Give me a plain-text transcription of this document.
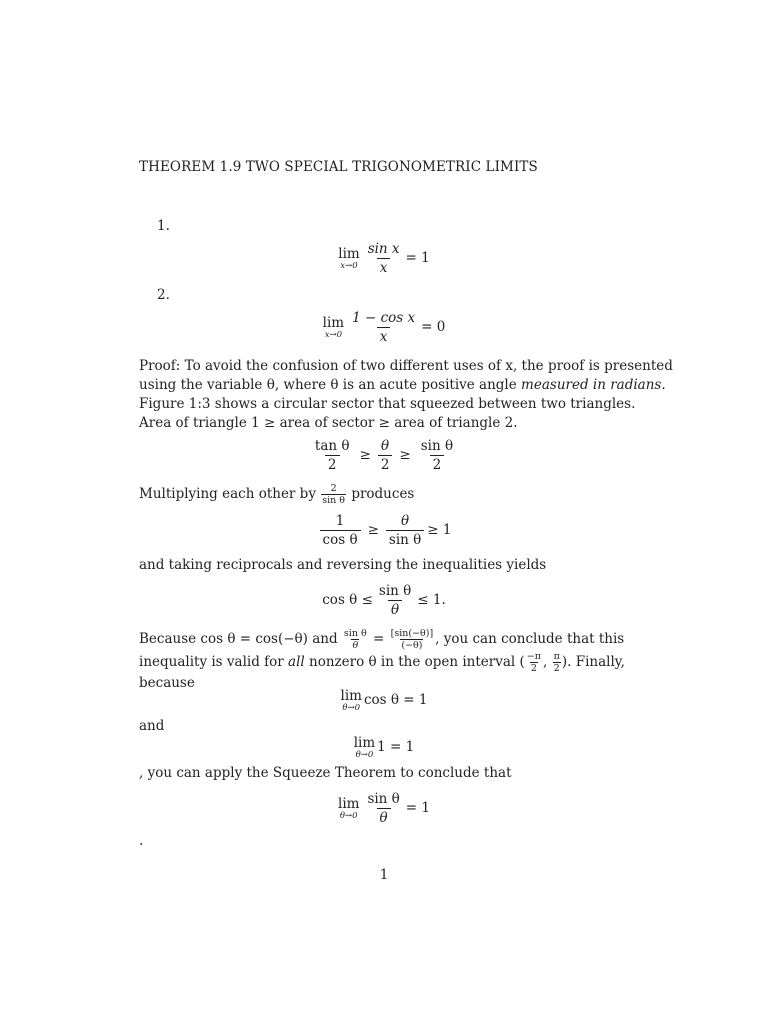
THEOREM 1.9 TWO SPECIAL TRIGONOMETRIC LIMITS
1.
lim
$x\to 0 \frac{\text{sin x}}{x} = 1$
2.
lim
$x\to 0 \frac{\text{1 − cos x}}{x} = 0$
Proof: To avoid the confusion of two different uses of x, the proof is presented
using the variable θ, where θ is an acute positive angle measured in radians.
Figure 1:3 shows a circular sector that squeezed between two triangles.
Area of triangle 1 ≥ area of sector ≥ area of triangle 2.
$\frac{\text{tan θ}}{2} \ge \frac{\theta}{2} \ge \frac{\text{sin θ}}{2}$
Multiplying each other by $\frac{2}{\text{sin θ}}$ produces
$\frac{1}{\text{cos θ}} \ge \frac{\theta}{\text{sin θ}} \ge 1$
and taking reciprocals and reversing the inequalities yields
$\cos \theta \le \frac{\text{sin θ}}{\theta} \le 1$.
Because cos θ = cos(−θ) and $\frac{\text{sin θ}}{\theta} = \frac{[\sin(-\theta)]}{(-\theta)}$ , you can conclude that this
inequality is valid for all nonzero θ in the open interval ( $\frac{-\pi}{2}$ , $\frac{\pi}{2}$ ). Finally,
because
lim
θ→0 cos θ = 1
and
lim
θ→0 1 = 1
, you can apply the Squeeze Theorem to conclude that
lim
$\theta\to 0 \frac{\text{sin θ}}{\theta} = 1$
.
1
